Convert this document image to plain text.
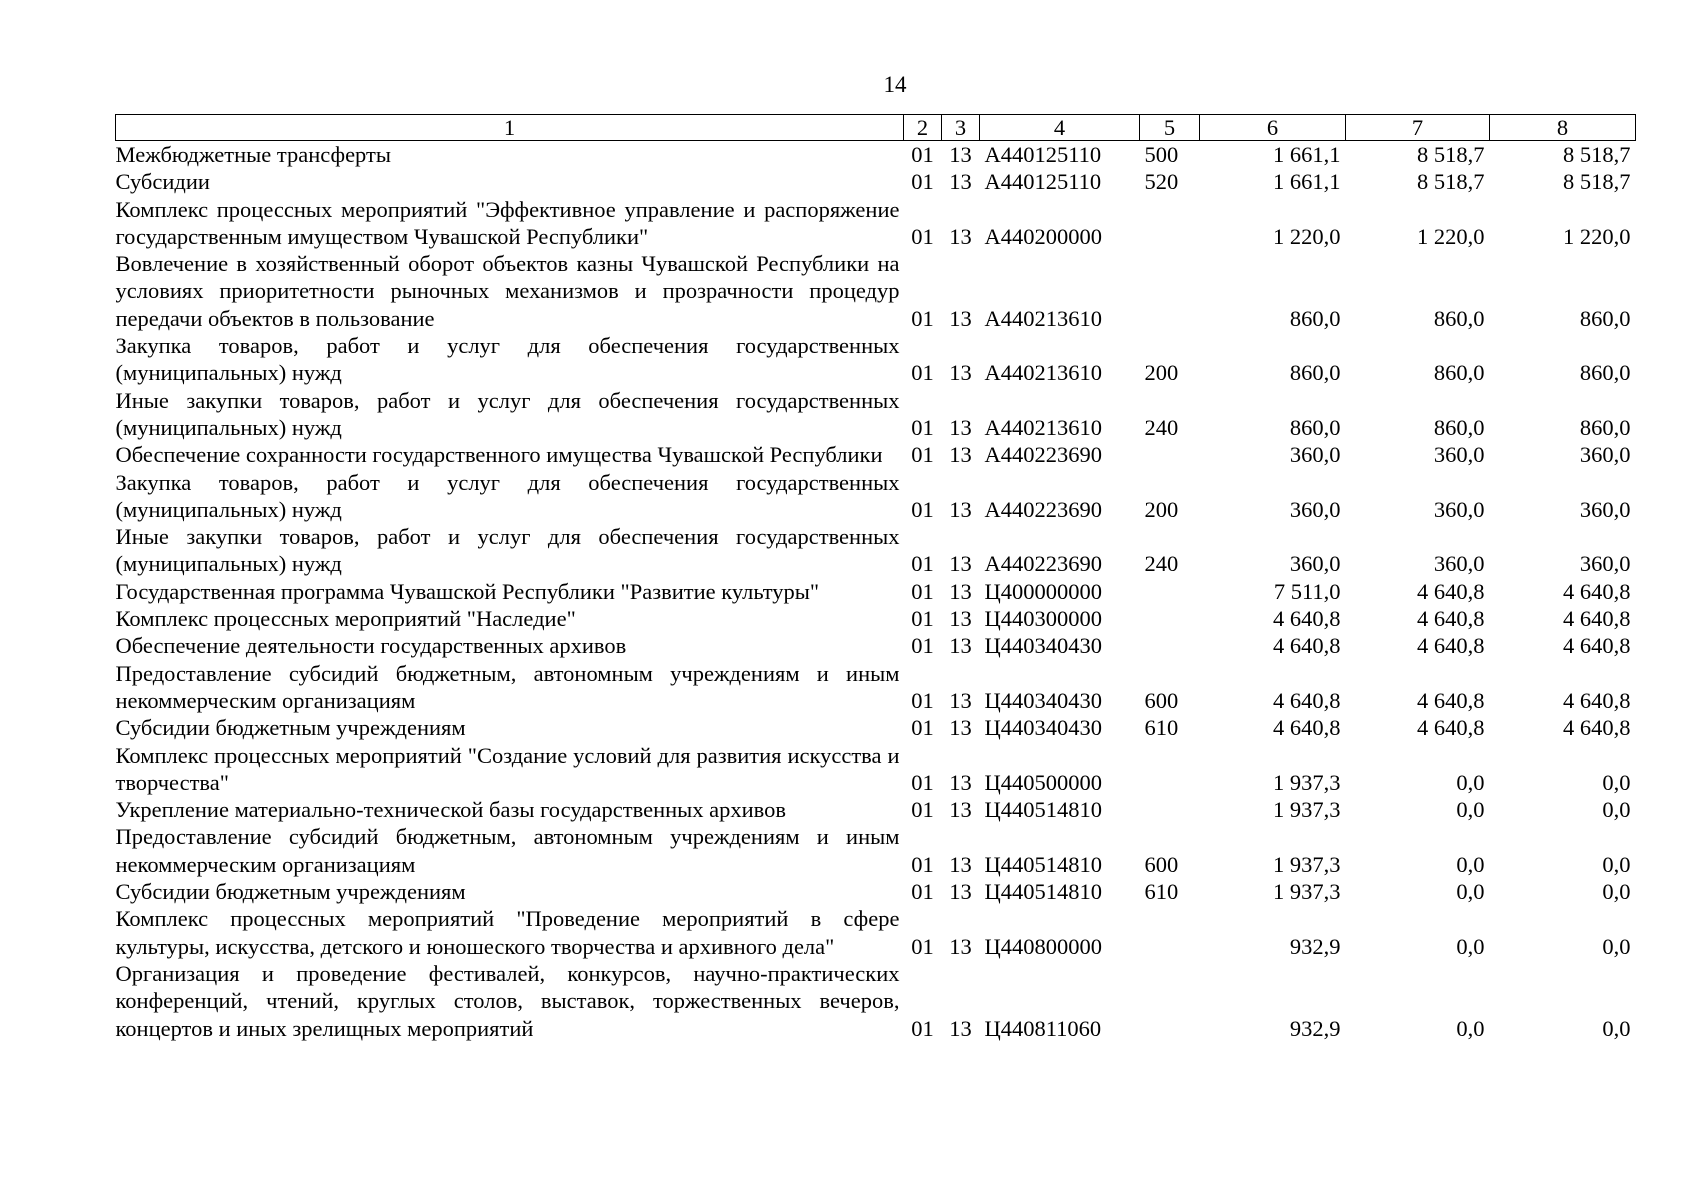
14
1	2	3	4	5	6	7	8
Межбюджетные трансферты	01	13	А440125110	500	1 661,1	8 518,7	8 518,7
Субсидии	01	13	А440125110	520	1 661,1	8 518,7	8 518,7
Комплекс процессных мероприятий "Эффективное управление и распоряжение государственным имуществом Чувашской Республики"	01	13	А440200000		1 220,0	1 220,0	1 220,0
Вовлечение в хозяйственный оборот объектов казны Чувашской Республики на условиях приоритетности рыночных механизмов и прозрачности процедур передачи объектов в пользование	01	13	А440213610		860,0	860,0	860,0
Закупка товаров, работ и услуг для обеспечения государственных (муниципальных) нужд	01	13	А440213610	200	860,0	860,0	860,0
Иные закупки товаров, работ и услуг для обеспечения государственных (муниципальных) нужд	01	13	А440213610	240	860,0	860,0	860,0
Обеспечение сохранности государственного имущества Чувашской Республики	01	13	А440223690		360,0	360,0	360,0
Закупка товаров, работ и услуг для обеспечения государственных (муниципальных) нужд	01	13	А440223690	200	360,0	360,0	360,0
Иные закупки товаров, работ и услуг для обеспечения государственных (муниципальных) нужд	01	13	А440223690	240	360,0	360,0	360,0
Государственная программа Чувашской Республики "Развитие культуры"	01	13	Ц400000000		7 511,0	4 640,8	4 640,8
Комплекс процессных мероприятий "Наследие"	01	13	Ц440300000		4 640,8	4 640,8	4 640,8
Обеспечение деятельности государственных архивов	01	13	Ц440340430		4 640,8	4 640,8	4 640,8
Предоставление субсидий бюджетным, автономным учреждениям и иным некоммерческим организациям	01	13	Ц440340430	600	4 640,8	4 640,8	4 640,8
Субсидии бюджетным учреждениям	01	13	Ц440340430	610	4 640,8	4 640,8	4 640,8
Комплекс процессных мероприятий "Создание условий для развития искусства и творчества"	01	13	Ц440500000		1 937,3	0,0	0,0
Укрепление материально-технической базы государственных архивов	01	13	Ц440514810		1 937,3	0,0	0,0
Предоставление субсидий бюджетным, автономным учреждениям и иным некоммерческим организациям	01	13	Ц440514810	600	1 937,3	0,0	0,0
Субсидии бюджетным учреждениям	01	13	Ц440514810	610	1 937,3	0,0	0,0
Комплекс процессных мероприятий "Проведение мероприятий в сфере культуры, искусства, детского и юношеского творчества и архивного дела"	01	13	Ц440800000		932,9	0,0	0,0
Организация и проведение фестивалей, конкурсов, научно-практических конференций, чтений, круглых столов, выставок, торжественных вечеров, концертов и иных зрелищных мероприятий	01	13	Ц440811060		932,9	0,0	0,0
